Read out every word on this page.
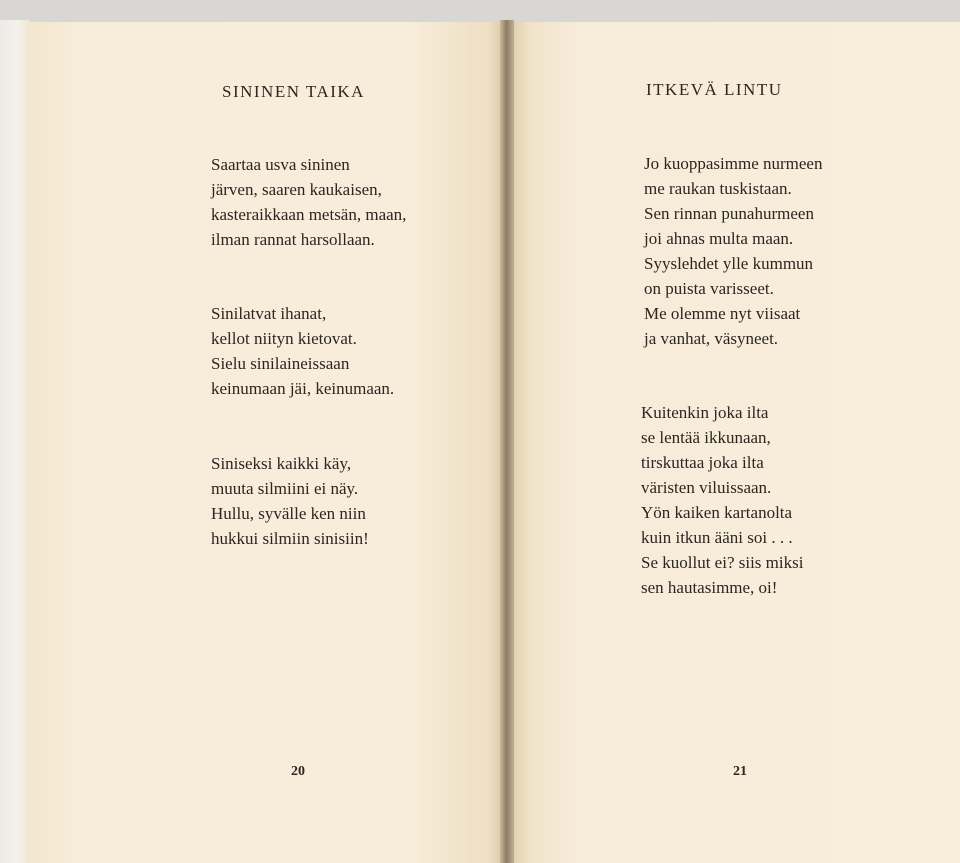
SININEN TAIKA
Saartaa usva sininen
järven, saaren kaukaisen,
kasteraikkaan metsän, maan,
ilman rannat harsollaan.
Sinilatvat ihanat,
kellot niityn kietovat.
Sielu sinilaineissaan
keinumaan jäi, keinumaan.
Siniseksi kaikki käy,
muuta silmiini ei näy.
Hullu, syvälle ken niin
hukkui silmiin sinisiin!
20
ITKEVÄ LINTU
Jo kuoppasimme nurmeen
me raukan tuskistaan.
Sen rinnan punahurmeen
joi ahnas multa maan.
Syyslehdet ylle kummun
on puista varisseet.
Me olemme nyt viisaat
ja vanhat, väsyneet.
Kuitenkin joka ilta
se lentää ikkunaan,
tirskuttaa joka ilta
väristen viluissaan.
Yön kaiken kartanolta
kuin itkun ääni soi . . .
Se kuollut ei? siis miksi
sen hautasimme, oi!
21
